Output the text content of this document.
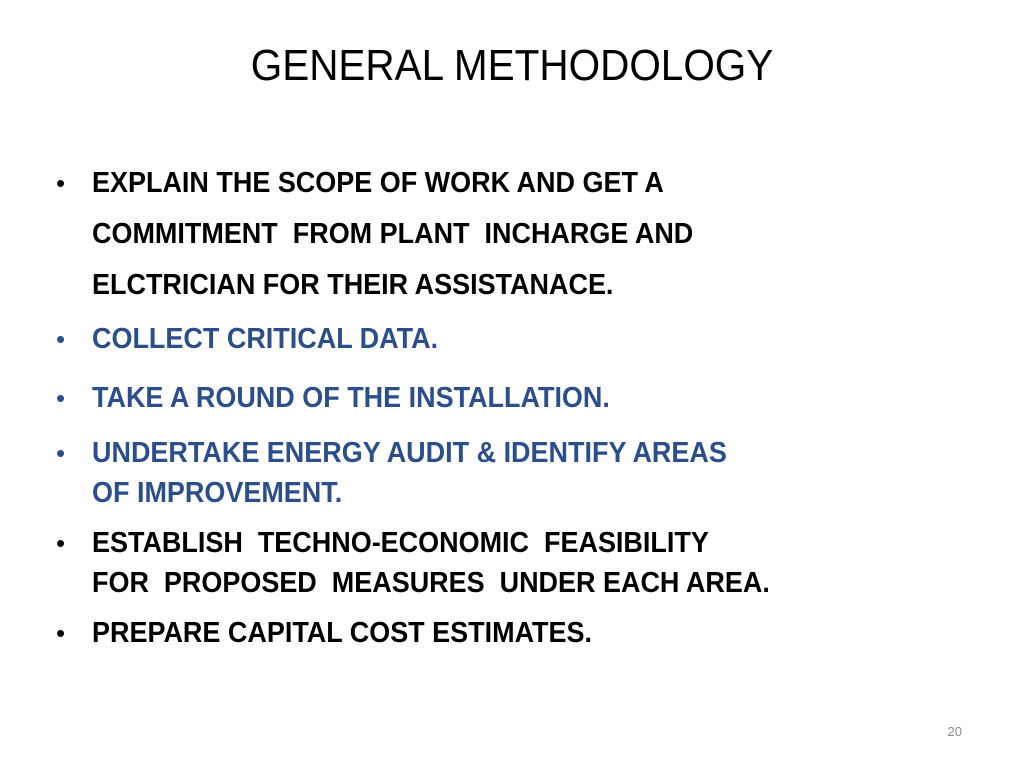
GENERAL METHODOLOGY
• EXPLAIN THE SCOPE OF WORK AND GET A
COMMITMENT  FROM PLANT  INCHARGE AND
ELCTRICIAN FOR THEIR ASSISTANACE.
• COLLECT CRITICAL DATA.
• TAKE A ROUND OF THE INSTALLATION.
• UNDERTAKE ENERGY AUDIT & IDENTIFY AREAS
OF IMPROVEMENT.
• ESTABLISH  TECHNO-ECONOMIC  FEASIBILITY
FOR  PROPOSED  MEASURES  UNDER EACH AREA.
• PREPARE CAPITAL COST ESTIMATES.
20
